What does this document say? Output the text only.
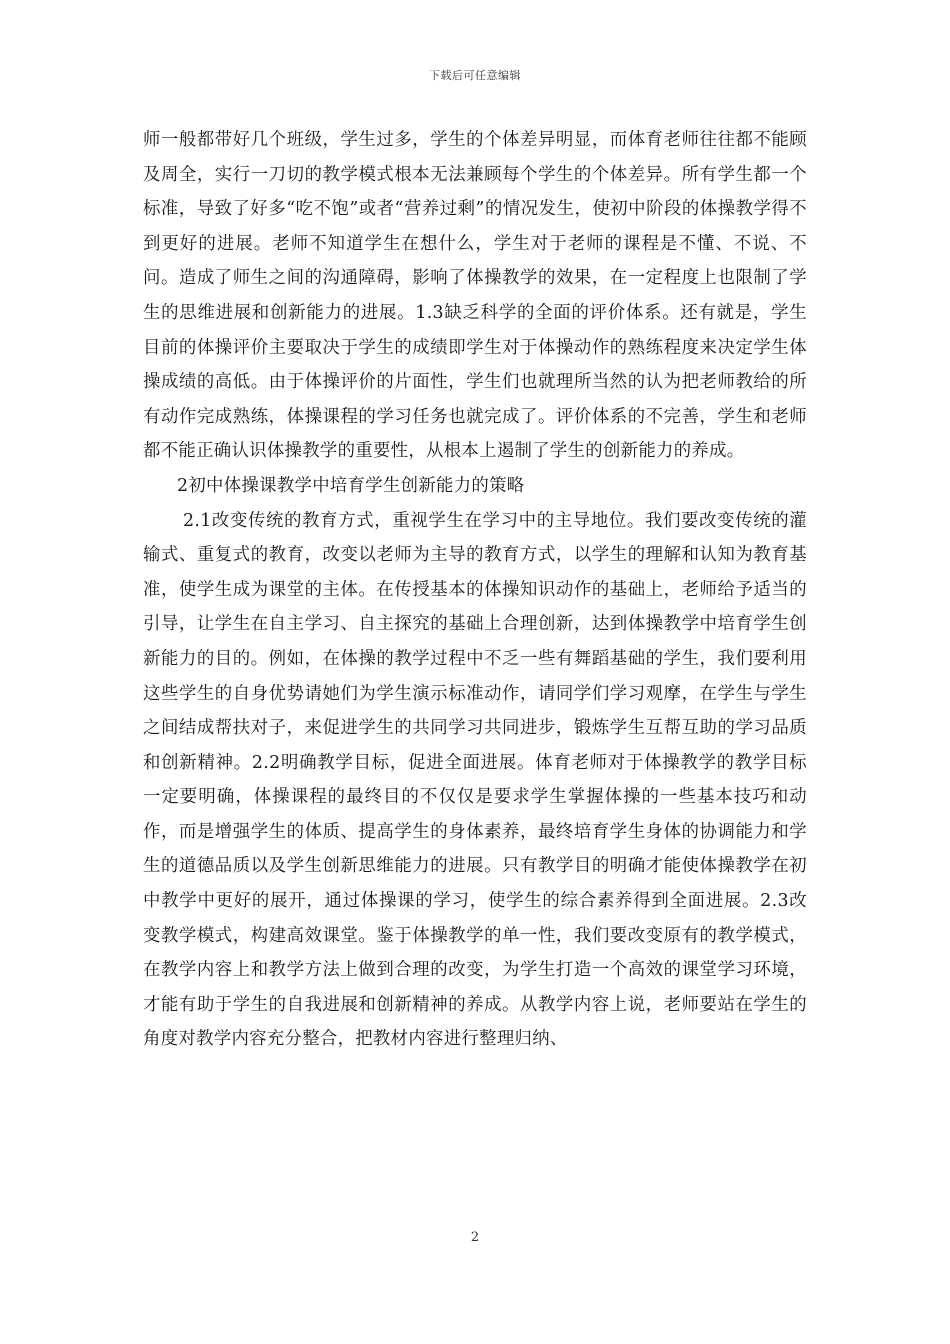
下载后可任意编辑

师一般都带好几个班级，学生过多，学生的个体差异明显，而体育老师往往都不能顾及周全，实行一刀切的教学模式根本无法兼顾每个学生的个体差异。所有学生都一个标准，导致了好多“吃不饱”或者“营养过剩”的情况发生，使初中阶段的体操教学得不到更好的进展。老师不知道学生在想什么，学生对于老师的课程是不懂、不说、不问。造成了师生之间的沟通障碍，影响了体操教学的效果，在一定程度上也限制了学生的思维进展和创新能力的进展。1.3缺乏科学的全面的评价体系。还有就是，学生目前的体操评价主要取决于学生的成绩即学生对于体操动作的熟练程度来决定学生体操成绩的高低。由于体操评价的片面性，学生们也就理所当然的认为把老师教给的所有动作完成熟练，体操课程的学习任务也就完成了。评价体系的不完善，学生和老师都不能正确认识体操教学的重要性，从根本上遏制了学生的创新能力的养成。

2初中体操课教学中培育学生创新能力的策略

2.1改变传统的教育方式，重视学生在学习中的主导地位。我们要改变传统的灌输式、重复式的教育，改变以老师为主导的教育方式，以学生的理解和认知为教育基准，使学生成为课堂的主体。在传授基本的体操知识动作的基础上，老师给予适当的引导，让学生在自主学习、自主探究的基础上合理创新，达到体操教学中培育学生创新能力的目的。例如，在体操的教学过程中不乏一些有舞蹈基础的学生，我们要利用这些学生的自身优势请她们为学生演示标准动作，请同学们学习观摩，在学生与学生之间结成帮扶对子，来促进学生的共同学习共同进步，锻炼学生互帮互助的学习品质和创新精神。2.2明确教学目标，促进全面进展。体育老师对于体操教学的教学目标一定要明确，体操课程的最终目的不仅仅是要求学生掌握体操的一些基本技巧和动作，而是增强学生的体质、提高学生的身体素养，最终培育学生身体的协调能力和学生的道德品质以及学生创新思维能力的进展。只有教学目的明确才能使体操教学在初中教学中更好的展开，通过体操课的学习，使学生的综合素养得到全面进展。2.3改变教学模式，构建高效课堂。鉴于体操教学的单一性，我们要改变原有的教学模式，在教学内容上和教学方法上做到合理的改变，为学生打造一个高效的课堂学习环境，才能有助于学生的自我进展和创新精神的养成。从教学内容上说，老师要站在学生的角度对教学内容充分整合，把教材内容进行整理归纳、

2
